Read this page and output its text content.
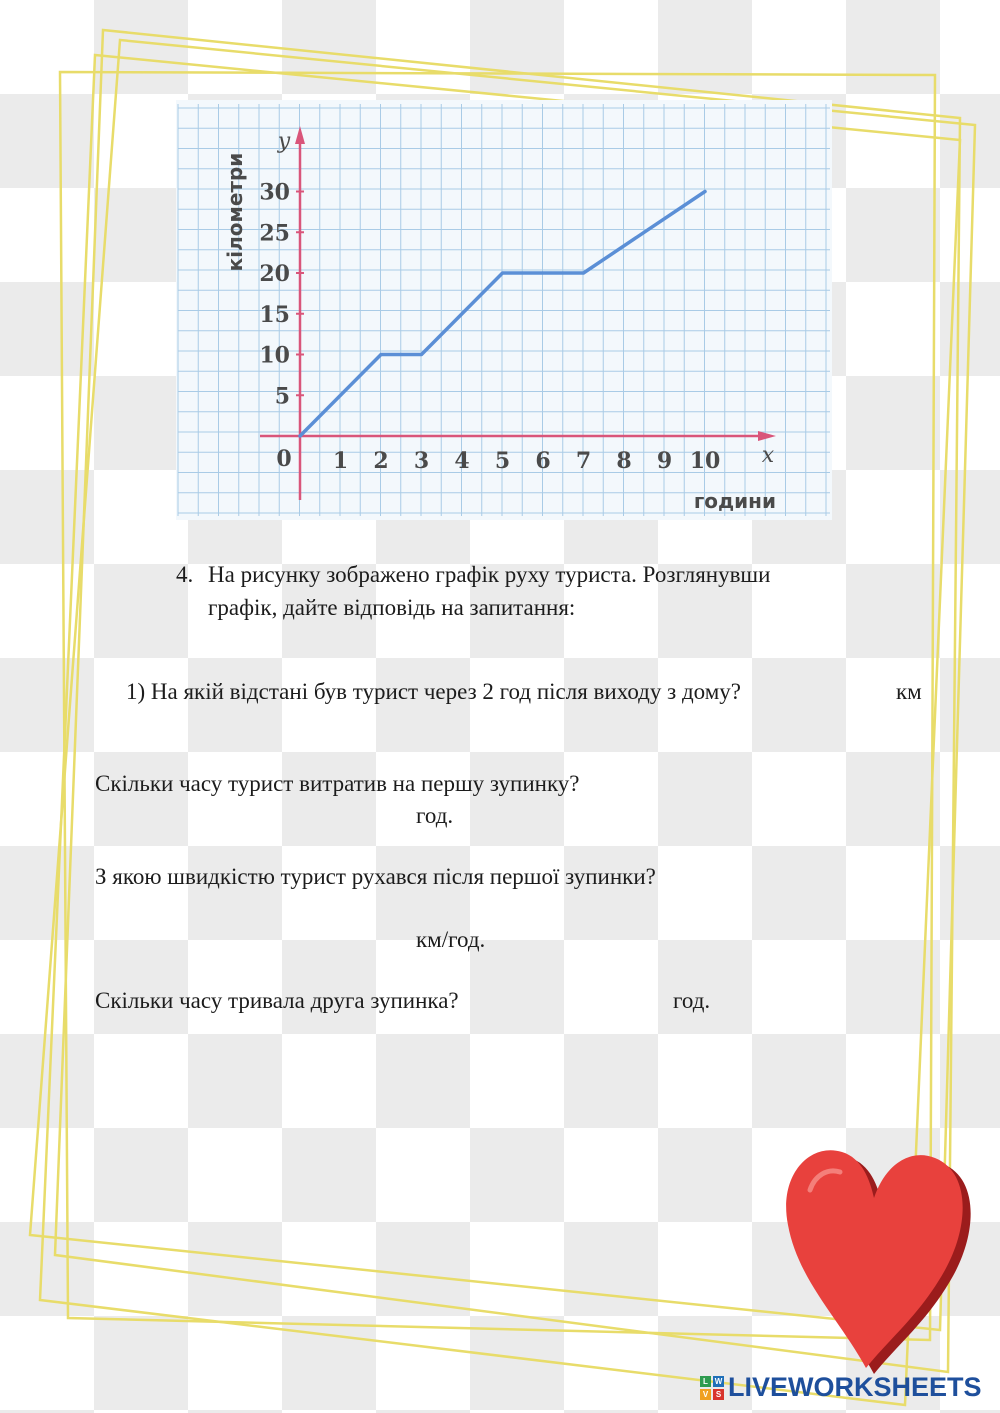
1 2 3 4 5 6 7 8 9 10
5
10
15
20
25
30
0
y
x
години
кілометри
4. На рисунку зображено графік руху туриста. Розглянувши
графік, дайте відповідь на запитання:
1) На якій відстані був турист через 2 год після виходу з дому?	км
Скільки часу турист витратив на першу зупинку?
год.
З якою швидкістю турист рухався після першої зупинки?
км/год.
Скільки часу тривала друга зупинка?	год.
L W
V S LIVEWORKSHEETS
